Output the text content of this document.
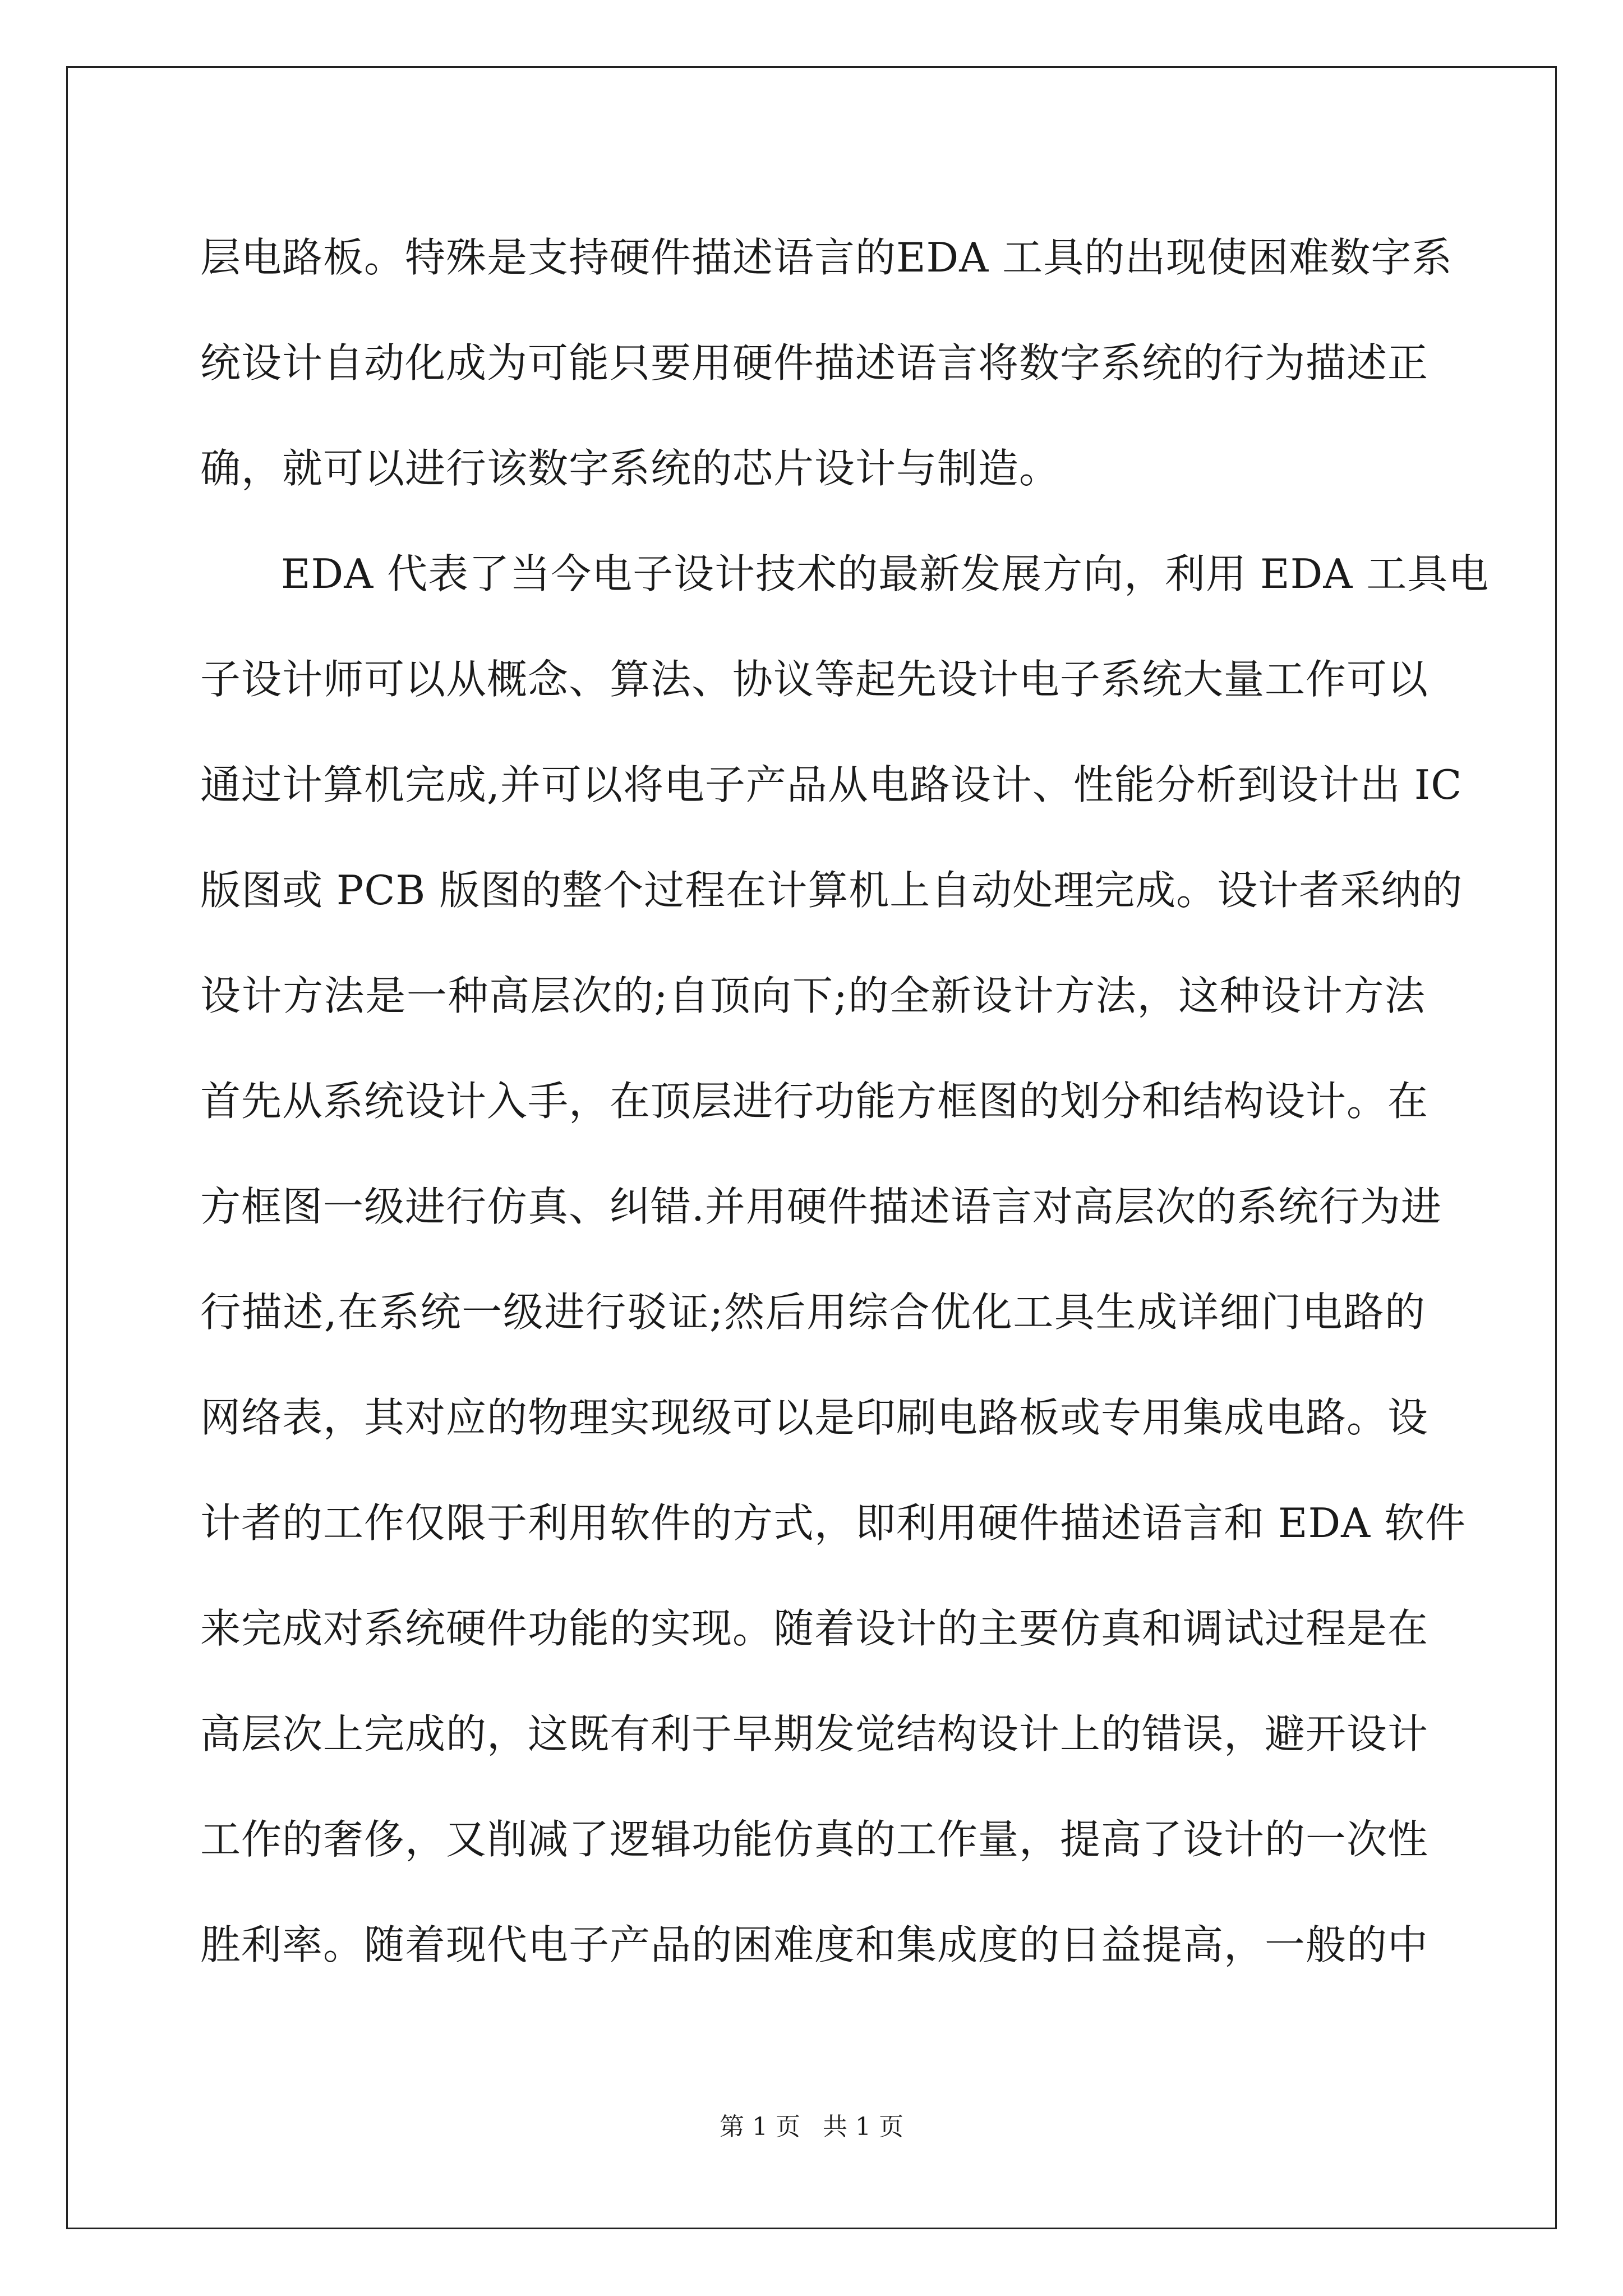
层电路板。特殊是支持硬件描述语言的EDA 工具的出现使困难数字系
统设计自动化成为可能只要用硬件描述语言将数字系统的行为描述正
确，就可以进行该数字系统的芯片设计与制造。
EDA 代表了当今电子设计技术的最新发展方向，利用 EDA 工具电
子设计师可以从概念、算法、协议等起先设计电子系统大量工作可以
通过计算机完成,并可以将电子产品从电路设计、性能分析到设计出 IC
版图或 PCB 版图的整个过程在计算机上自动处理完成。设计者采纳的
设计方法是一种高层次的;自顶向下;的全新设计方法，这种设计方法
首先从系统设计入手，在顶层进行功能方框图的划分和结构设计。在
方框图一级进行仿真、纠错.并用硬件描述语言对高层次的系统行为进
行描述,在系统一级进行驳证;然后用综合优化工具生成详细门电路的
网络表，其对应的物理实现级可以是印刷电路板或专用集成电路。设
计者的工作仅限于利用软件的方式，即利用硬件描述语言和 EDA 软件
来完成对系统硬件功能的实现。随着设计的主要仿真和调试过程是在
高层次上完成的，这既有利于早期发觉结构设计上的错误，避开设计
工作的奢侈，又削减了逻辑功能仿真的工作量，提高了设计的一次性
胜利率。随着现代电子产品的困难度和集成度的日益提高，一般的中
第 1 页 共 1 页
